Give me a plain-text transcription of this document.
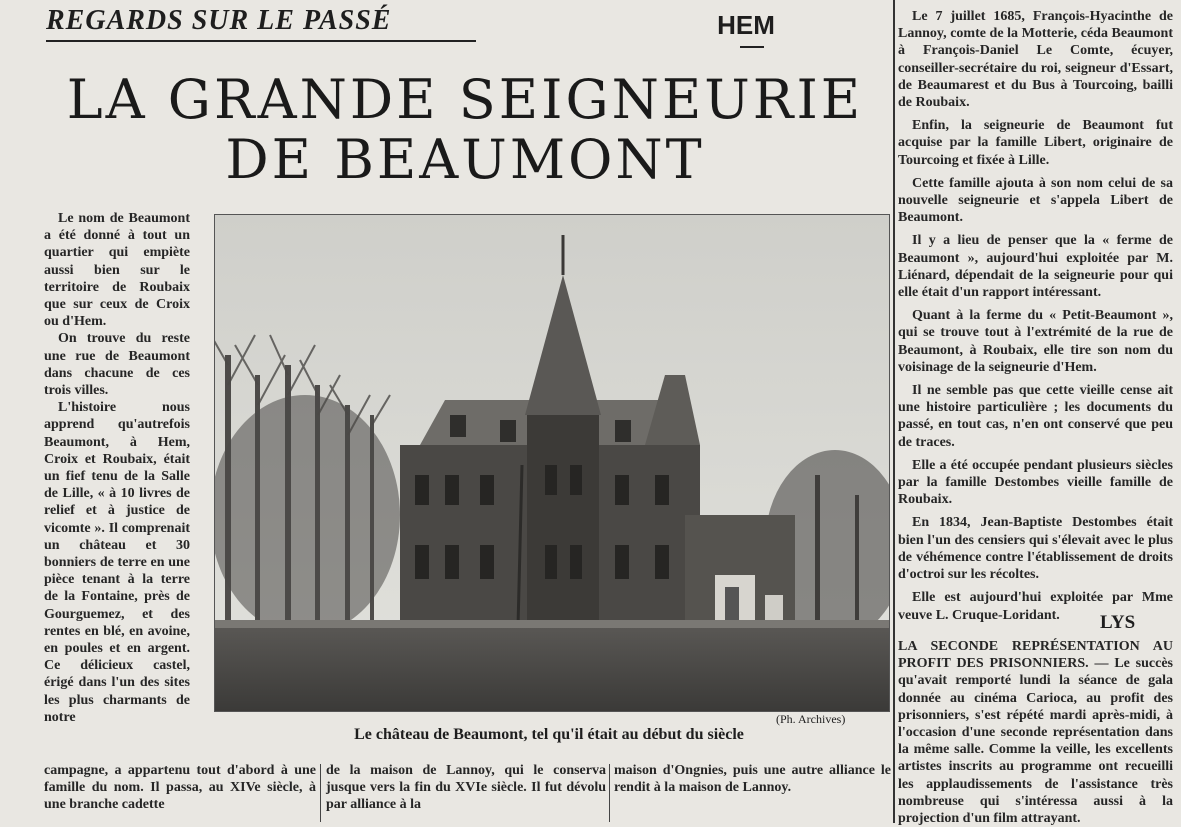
REGARDS SUR LE PASSÉ	HEM
LA GRANDE SEIGNEURIE
DE BEAUMONT

Le nom de Beaumont a été donné à tout un quartier qui empiète aussi bien sur le territoire de Roubaix que sur ceux de Croix ou d'Hem.

On trouve du reste une rue de Beaumont dans chacune de ces trois villes.

L'histoire nous apprend qu'autrefois Beaumont, à Hem, Croix et Roubaix, était un fief tenu de la Salle de Lille, « à 10 livres de relief et à justice de vicomte ». Il comprenait un château et 30 bonniers de terre en une pièce tenant à la terre de la Fontaine, près de Gourguemez, et des rentes en blé, en avoine, en poules et en argent. Ce délicieux castel, érigé dans l'un des sites les plus charmants de notre	(Ph. Archives)
Le château de Beaumont, tel qu'il était au début du siècle

campagne, a appartenu tout d'abord à une famille du nom. Il passa, au XIVe siècle, à une branche cadette

de la maison de Lannoy, qui le conserva jusque vers la fin du XVIe siècle. Il fut dévolu par alliance à la

maison d'Ongnies, puis une autre alliance le rendit à la maison de Lannoy.

Le 7 juillet 1685, François-Hyacinthe de Lannoy, comte de la Motterie, céda Beaumont à François-Daniel Le Comte, écuyer, conseiller-secrétaire du roi, seigneur d'Essart, de Beaumarest et du Bus à Tourcoing, bailli de Roubaix.

Enfin, la seigneurie de Beaumont fut acquise par la famille Libert, originaire de Tourcoing et fixée à Lille.

Cette famille ajouta à son nom celui de sa nouvelle seigneurie et s'appela Libert de Beaumont.

Il y a lieu de penser que la « ferme de Beaumont », aujourd'hui exploitée par M. Liénard, dépendait de la seigneurie pour qui elle était d'un rapport intéressant.

Quant à la ferme du « Petit-Beaumont », qui se trouve tout à l'extrémité de la rue de Beaumont, à Roubaix, elle tire son nom du voisinage de la seigneurie d'Hem.

Il ne semble pas que cette vieille cense ait une histoire particulière ; les documents du passé, en tout cas, n'en ont conservé que peu de traces.

Elle a été occupée pendant plusieurs siècles par la famille Destombes vieille famille de Roubaix.

En 1834, Jean-Baptiste Destombes était bien l'un des censiers qui s'élevait avec le plus de véhémence contre l'établissement de droits d'octroi sur les récoltes.

Elle est aujourd'hui exploitée par Mme veuve L. Cruque-Loridant.	LYS

LA SECONDE REPRÉSENTATION AU PROFIT DES PRISONNIERS. — Le succès qu'avait remporté lundi la séance de gala donnée au cinéma Carioca, au profit des prisonniers, s'est répété mardi après-midi, à l'occasion d'une seconde représentation dans la même salle. Comme la veille, les excellents artistes inscrits au programme ont recueilli les applaudissements de l'assistance très nombreuse qui s'intéressa aussi à la projection d'un film attrayant.
